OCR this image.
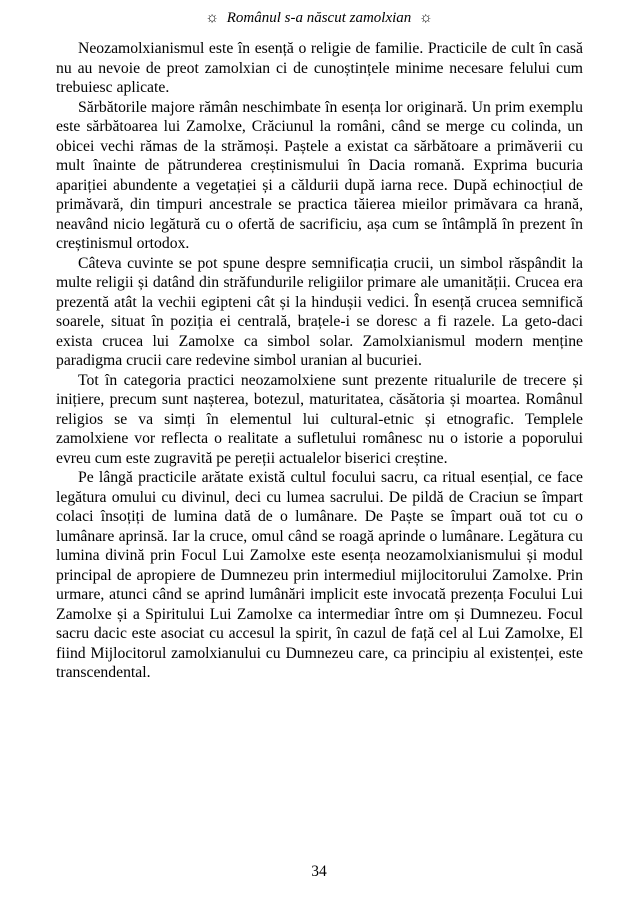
☼ Românul s-a născut zamolxian ☼

Neozamolxianismul este în esență o religie de familie. Practicile de cult în casă nu au nevoie de preot zamolxian ci de cunoștințele minime necesare felului cum trebuiesc aplicate.

Sărbătorile majore rămân neschimbate în esența lor originară. Un prim exemplu este sărbătoarea lui Zamolxe, Crăciunul la români, când se merge cu colinda, un obicei vechi rămas de la strămoși. Paștele a existat ca sărbătoare a primăverii cu mult înainte de pătrunderea creștinismului în Dacia romană. Exprima bucuria apariției abundente a vegetației și a căldurii după iarna rece. După echinocțiul de primăvară, din timpuri ancestrale se practica tăierea mieilor primăvara ca hrană, neavând nicio legătură cu o ofertă de sacrificiu, așa cum se întâmplă în prezent în creștinismul ortodox.

Câteva cuvinte se pot spune despre semnificația crucii, un simbol răspândit la multe religii și datând din străfundurile religiilor primare ale umanității. Crucea era prezentă atât la vechii egipteni cât și la hindușii vedici. În esență crucea semnifică soarele, situat în poziția ei centrală, brațele-i se doresc a fi razele. La geto-daci exista crucea lui Zamolxe ca simbol solar. Zamolxianismul modern menține paradigma crucii care redevine simbol uranian al bucuriei.

Tot în categoria practici neozamolxiene sunt prezente ritualurile de trecere și inițiere, precum sunt nașterea, botezul, maturitatea, căsătoria și moartea. Românul religios se va simți în elementul lui cultural-etnic și etnografic. Templele zamolxiene vor reflecta o realitate a sufletului românesc nu o istorie a poporului evreu cum este zugravită pe pereții actualelor biserici creștine.

Pe lângă practicile arătate există cultul focului sacru, ca ritual esențial, ce face legătura omului cu divinul, deci cu lumea sacrului. De pildă de Craciun se împart colaci însoțiți de lumina dată de o lumânare. De Paște se împart ouă tot cu o lumânare aprinsă. Iar la cruce, omul când se roagă aprinde o lumânare. Legătura cu lumina divină prin Focul Lui Zamolxe este esența neozamolxianismului și modul principal de apropiere de Dumnezeu prin intermediul mijlocitorului Zamolxe. Prin urmare, atunci când se aprind lumânări implicit este invocată prezența Focului Lui Zamolxe și a Spiritului Lui Zamolxe ca intermediar între om și Dumnezeu. Focul sacru dacic este asociat cu accesul la spirit, în cazul de față cel al Lui Zamolxe, El fiind Mijlocitorul zamolxianului cu Dumnezeu care, ca principiu al existenței, este transcendental.

34
